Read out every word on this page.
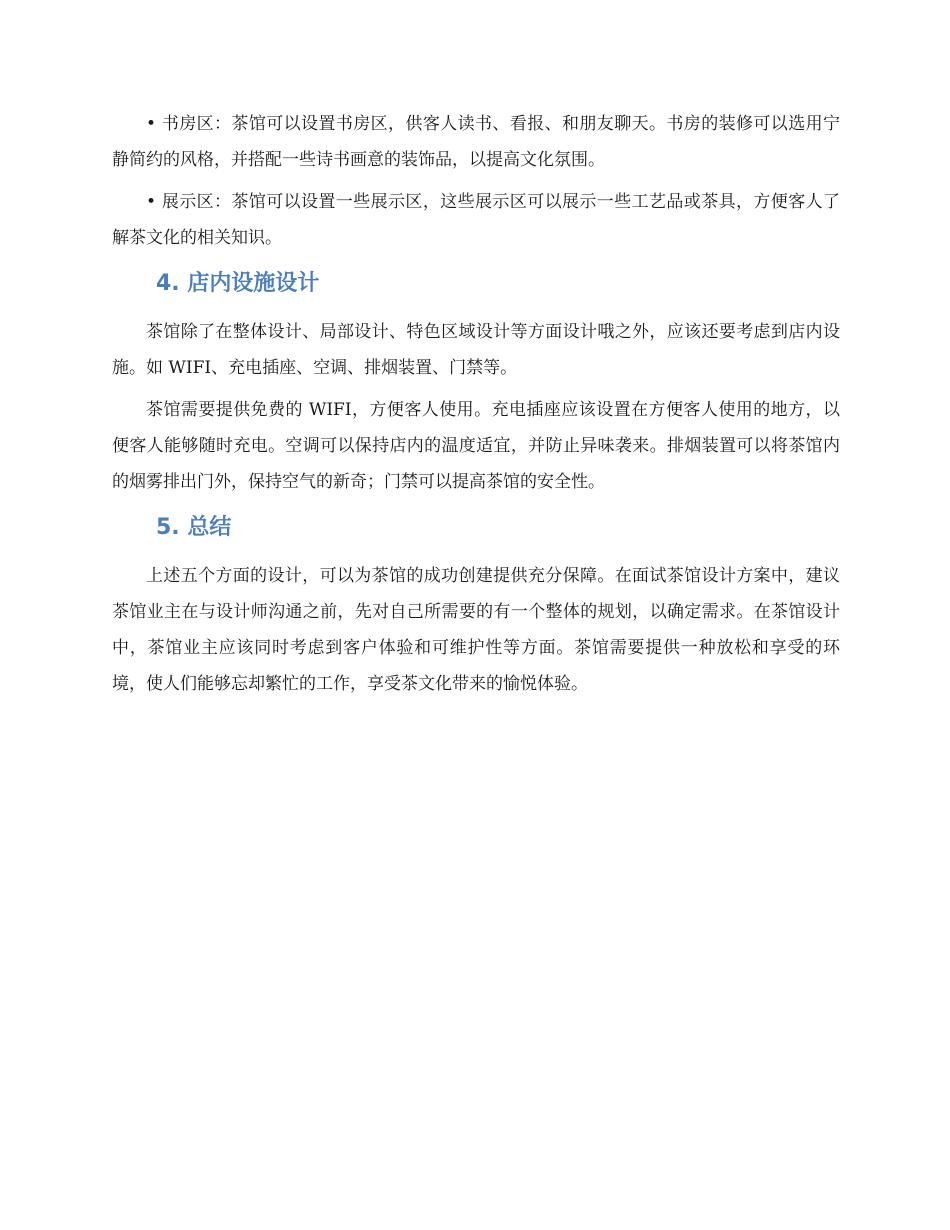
• 书房区：茶馆可以设置书房区，供客人读书、看报、和朋友聊天。书房的装修可以选用宁静简约的风格，并搭配一些诗书画意的装饰品，以提高文化氛围。

• 展示区：茶馆可以设置一些展示区，这些展示区可以展示一些工艺品或茶具，方便客人了解茶文化的相关知识。

4. 店内设施设计

茶馆除了在整体设计、局部设计、特色区域设计等方面设计哦之外，应该还要考虑到店内设施。如 WIFI、充电插座、空调、排烟装置、门禁等。

茶馆需要提供免费的 WIFI，方便客人使用。充电插座应该设置在方便客人使用的地方，以便客人能够随时充电。空调可以保持店内的温度适宜，并防止异味袭来。排烟装置可以将茶馆内的烟雾排出门外，保持空气的新奇；门禁可以提高茶馆的安全性。

5. 总结

上述五个方面的设计，可以为茶馆的成功创建提供充分保障。在面试茶馆设计方案中，建议茶馆业主在与设计师沟通之前，先对自己所需要的有一个整体的规划，以确定需求。在茶馆设计中，茶馆业主应该同时考虑到客户体验和可维护性等方面。茶馆需要提供一种放松和享受的环境，使人们能够忘却繁忙的工作，享受茶文化带来的愉悦体验。
